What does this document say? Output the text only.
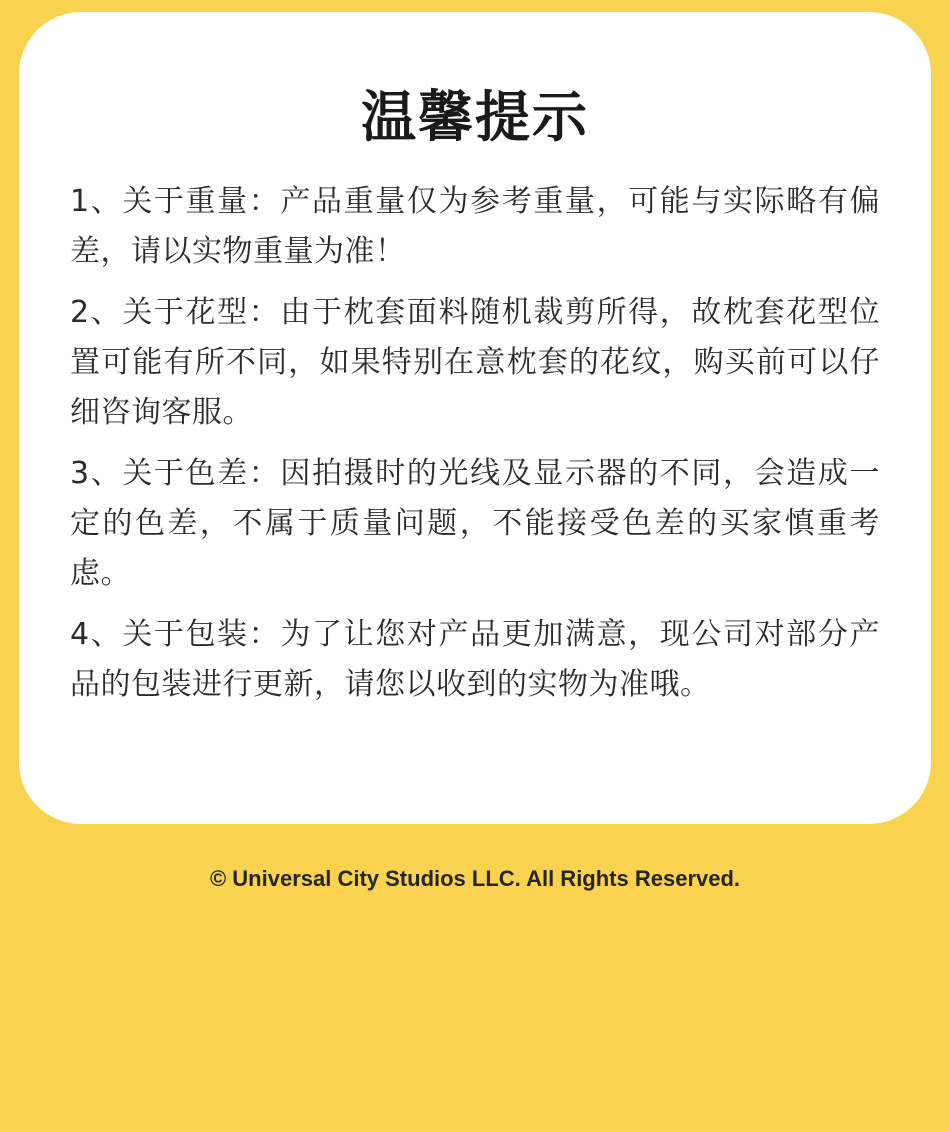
温馨提示
1、关于重量：产品重量仅为参考重量，可能与实际略有偏差，请以实物重量为准！
2、关于花型：由于枕套面料随机裁剪所得，故枕套花型位置可能有所不同，如果特别在意枕套的花纹，购买前可以仔细咨询客服。
3、关于色差：因拍摄时的光线及显示器的不同，会造成一定的色差，不属于质量问题，不能接受色差的买家慎重考虑。
4、关于包装：为了让您对产品更加满意，现公司对部分产品的包装进行更新，请您以收到的实物为准哦。
© Universal City Studios LLC. All Rights Reserved.
